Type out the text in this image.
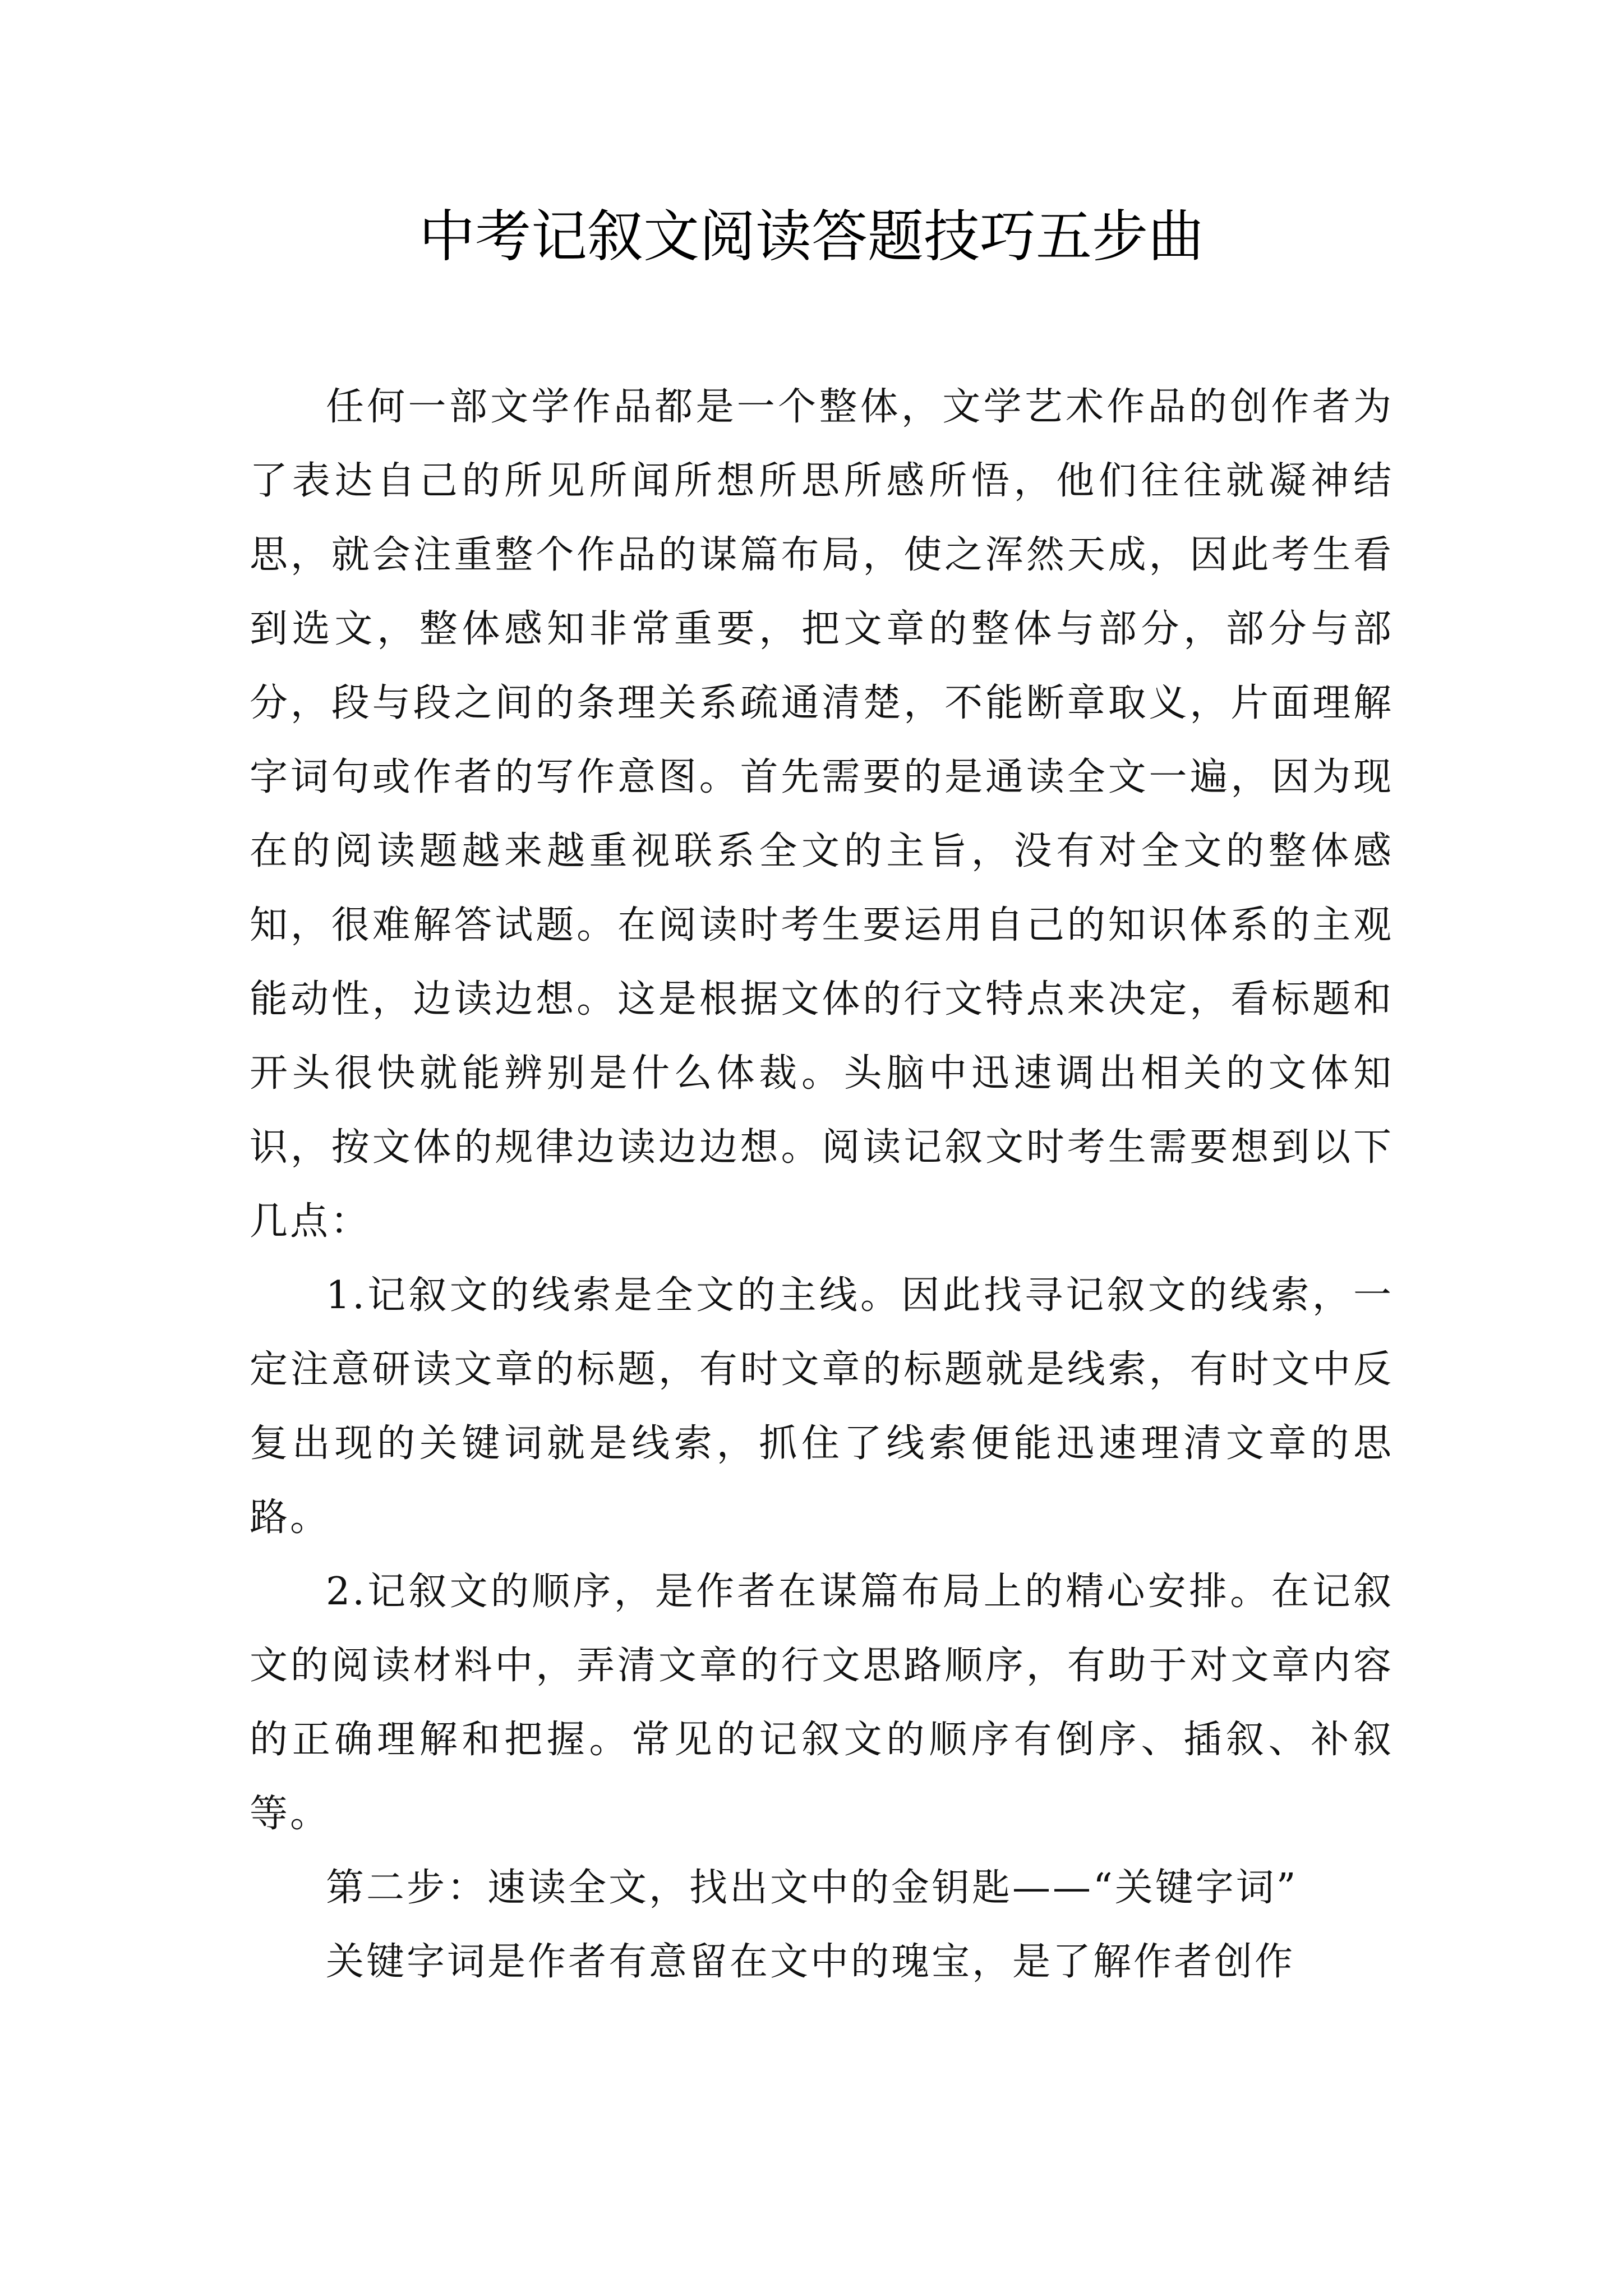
中考记叙文阅读答题技巧五步曲

任何一部文学作品都是一个整体，文学艺术作品的创作者为了表达自己的所见所闻所想所思所感所悟，他们往往就凝神结思，就会注重整个作品的谋篇布局，使之浑然天成，因此考生看到选文，整体感知非常重要，把文章的整体与部分，部分与部分，段与段之间的条理关系疏通清楚，不能断章取义，片面理解字词句或作者的写作意图。首先需要的是通读全文一遍，因为现在的阅读题越来越重视联系全文的主旨，没有对全文的整体感知，很难解答试题。在阅读时考生要运用自己的知识体系的主观能动性，边读边想。这是根据文体的行文特点来决定，看标题和开头很快就能辨别是什么体裁。头脑中迅速调出相关的文体知识，按文体的规律边读边边想。阅读记叙文时考生需要想到以下几点：

1.记叙文的线索是全文的主线。因此找寻记叙文的线索，一定注意研读文章的标题，有时文章的标题就是线索，有时文中反复出现的关键词就是线索，抓住了线索便能迅速理清文章的思路。

2.记叙文的顺序，是作者在谋篇布局上的精心安排。在记叙文的阅读材料中，弄清文章的行文思路顺序，有助于对文章内容的正确理解和把握。常见的记叙文的顺序有倒序、插叙、补叙等。

第二步：速读全文，找出文中的金钥匙——“关键字词”

关键字词是作者有意留在文中的瑰宝，是了解作者创作
